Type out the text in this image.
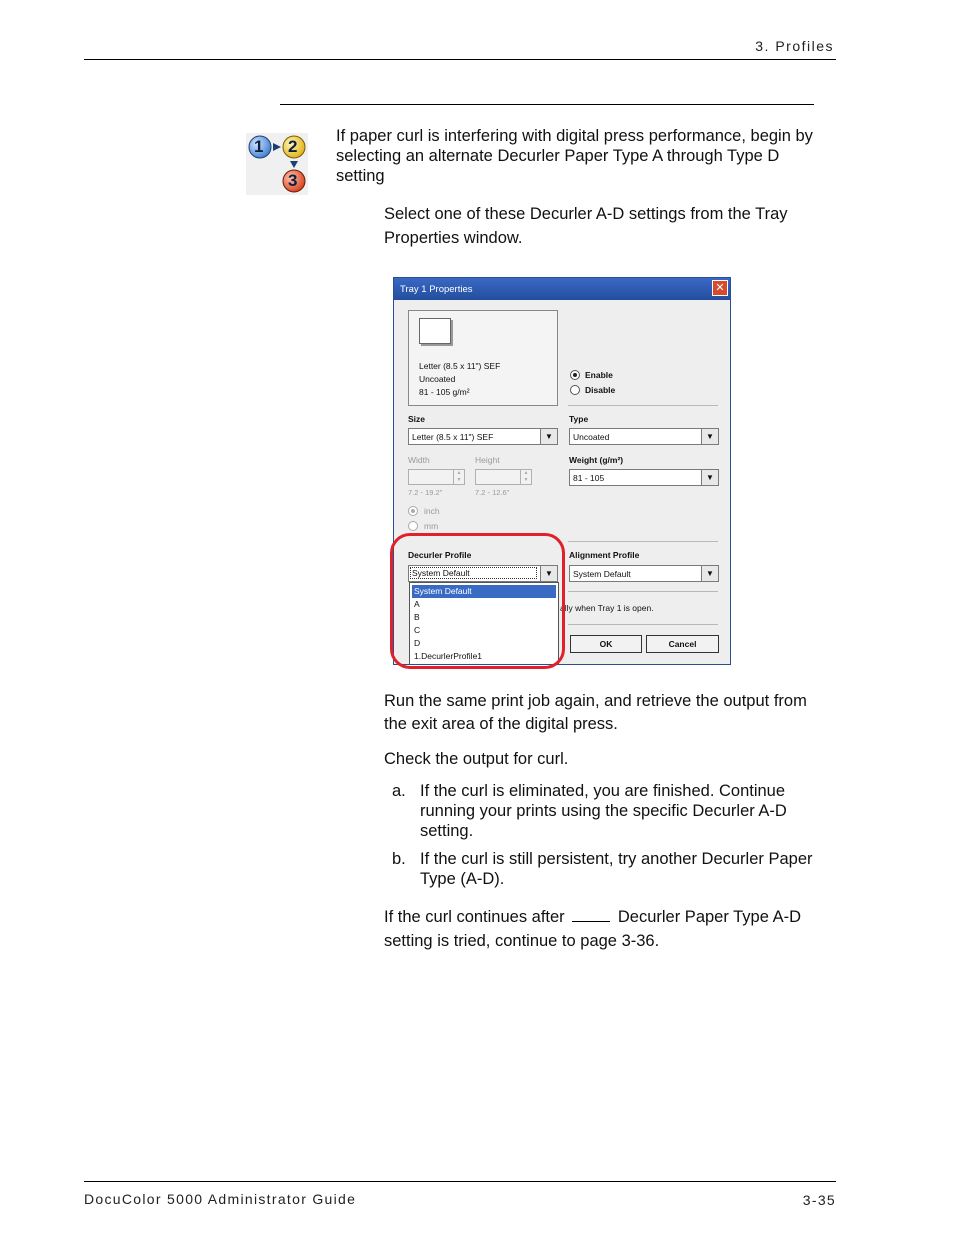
3. Profiles
1 2
3
If paper curl is interfering with digital press performance, begin by
selecting an alternate Decurler Paper Type A through Type D
setting
Select one of these Decurler A-D settings from the Tray
Properties window.
Tray 1 Properties	✕
Letter (8.5 x 11") SEF
Uncoated
81 - 105 g/m²
Enable
Disable
Size
Letter (8.5 x 11") SEF	▼
Type
Uncoated	▼
Width	Height
▲
▼
▲
▼
7.2 - 19.2"	7.2 - 12.6"
Weight (g/m²)
81 - 105	▼
inch
mm
Decurler Profile
System Default	▼
Alignment Profile
System Default	▼
ally when Tray 1 is open.
OK	Cancel
System Default
A
B
C
D
1.DecurlerProfile1
Run the same print job again, and retrieve the output from
the exit area of the digital press.
Check the output for curl.
a. If the curl is eliminated, you are finished. Continue
running your prints using the specific Decurler A-D
setting.
b. If the curl is still persistent, try another Decurler Paper
Type (A-D).
If the curl continues after	Decurler Paper Type A-D
setting is tried, continue to page 3-36.
DocuColor 5000 Administrator Guide	3-35
